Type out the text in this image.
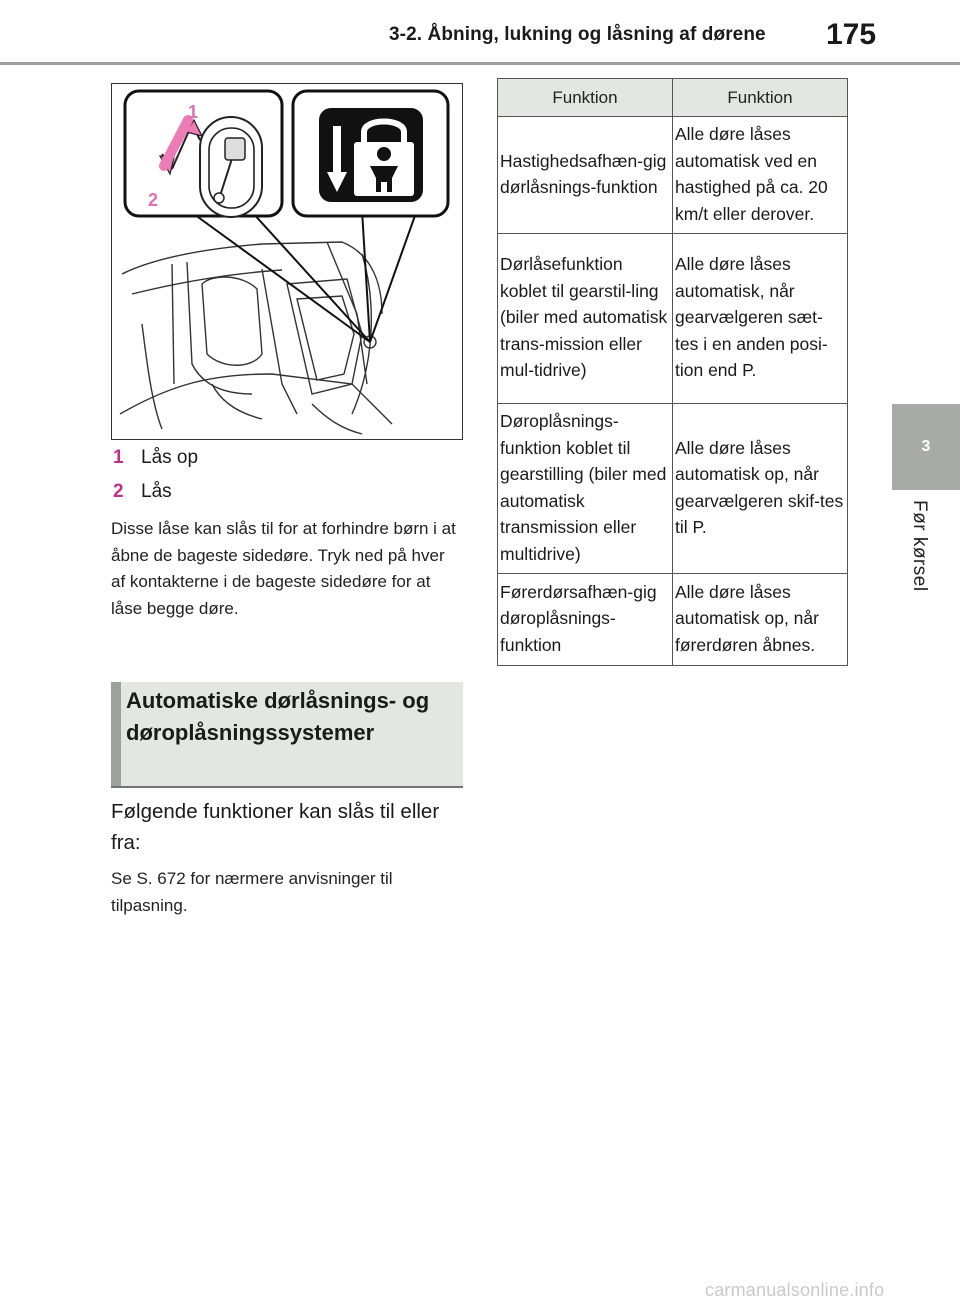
3-2. Åbning, lukning og låsning af dørene 175
3
Før kørsel
1
2
1 Lås op
2 Lås
Disse låse kan slås til for at forhindre børn i at åbne de bageste sidedøre. Tryk ned på hver af kontakterne i de bageste sidedøre for at låse begge døre.
Automatiske dørlåsnings- og døroplåsningssystemer
Følgende funktioner kan slås til eller fra:
Se S. 672 for nærmere anvisninger til tilpasning.
Funktion	Funktion
Hastighedsafhæn-gig dørlåsnings-funktion	Alle døre låses automatisk ved en hastighed på ca. 20 km/t eller derover.
Dørlåsefunktion koblet til gearstil-ling (biler med automatisk trans-mission eller mul-tidrive)	Alle døre låses automatisk, når gearvælgeren sæt-tes i en anden posi-tion end P.
Døroplåsnings-funktion koblet til gearstilling (biler med automatisk transmission eller multidrive)	Alle døre låses automatisk op, når gearvælgeren skif-tes til P.
Førerdørsafhæn-gig døroplåsnings-funktion	Alle døre låses automatisk op, når førerdøren åbnes.
carmanualsonline.info
